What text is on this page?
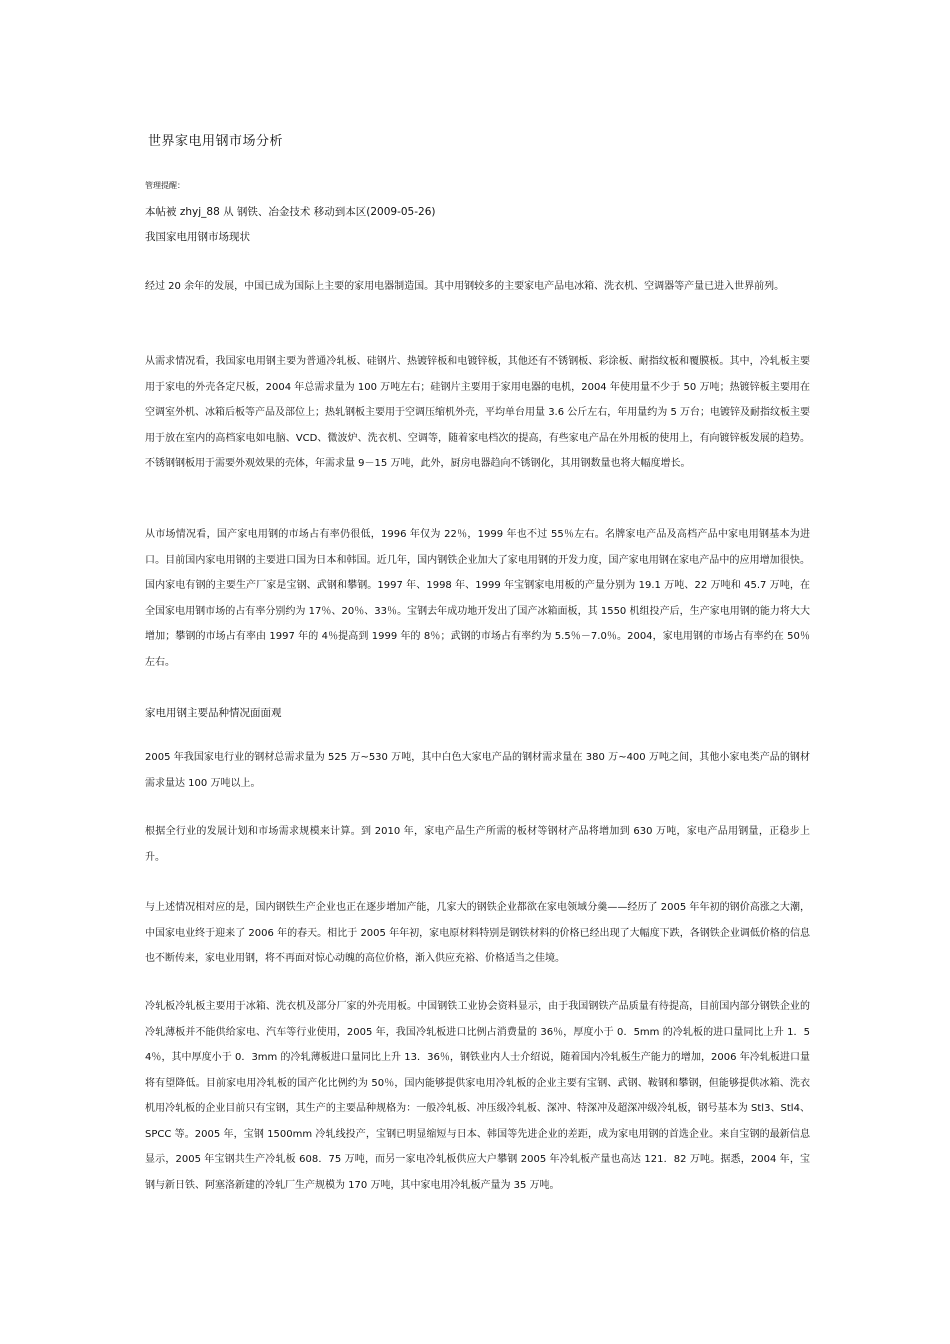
世界家电用钢市场分析
管理提醒：
本帖被 zhyj_88 从 钢铁、冶金技术 移动到本区(2009-05-26)
我国家电用钢市场现状
经过 20 余年的发展，中国已成为国际上主要的家用电器制造国。其中用钢较多的主要家电产品电冰箱、洗衣机、空调器等产量已进入世界前列。
从需求情况看，我国家电用钢主要为普通冷轧板、硅钢片、热镀锌板和电镀锌板，其他还有不锈钢板、彩涂板、耐指纹板和覆膜板。其中，冷轧板主要用于家电的外壳各定尺板，2004 年总需求量为 100 万吨左右；硅钢片主要用于家用电器的电机，2004 年使用量不少于 50 万吨；热镀锌板主要用在空调室外机、冰箱后板等产品及部位上；热轧钢板主要用于空调压缩机外壳，平均单台用量 3.6 公斤左右，年用量约为 5 万台；电镀锌及耐指纹板主要用于放在室内的高档家电如电脑、VCD、微波炉、洗衣机、空调等，随着家电档次的提高，有些家电产品在外用板的使用上，有向镀锌板发展的趋势。不锈钢钢板用于需要外观效果的壳体，年需求量 9－15 万吨，此外，厨房电器趋向不锈钢化，其用钢数量也将大幅度增长。
从市场情况看，国产家电用钢的市场占有率仍很低，1996 年仅为 22％，1999 年也不过 55％左右。名牌家电产品及高档产品中家电用钢基本为进口。目前国内家电用钢的主要进口国为日本和韩国。近几年，国内钢铁企业加大了家电用钢的开发力度，国产家电用钢在家电产品中的应用增加很快。国内家电有钢的主要生产厂家是宝钢、武钢和攀钢。1997 年、1998 年、1999 年宝钢家电用板的产量分别为 19.1 万吨、22 万吨和 45.7 万吨，在全国家电用钢市场的占有率分别约为 17％、20％、33％。宝钢去年成功地开发出了国产冰箱面板，其 1550 机组投产后，生产家电用钢的能力将大大增加；攀钢的市场占有率由 1997 年的 4％提高到 1999 年的 8％；武钢的市场占有率约为 5.5％－7.0％。2004，家电用钢的市场占有率约在 50％左右。
家电用钢主要品种情况面面观
2005 年我国家电行业的钢材总需求量为 525 万~530 万吨，其中白色大家电产品的钢材需求量在 380 万~400 万吨之间，其他小家电类产品的钢材需求量达 100 万吨以上。
根据全行业的发展计划和市场需求规模来计算。到 2010 年，家电产品生产所需的板材等钢材产品将增加到 630 万吨，家电产品用钢量，正稳步上升。
与上述情况相对应的是，国内钢铁生产企业也正在逐步增加产能，几家大的钢铁企业都欲在家电领域分羹——经历了 2005 年年初的钢价高涨之大潮，中国家电业终于迎来了 2006 年的春天。相比于 2005 年年初，家电原材料特别是钢铁材料的价格已经出现了大幅度下跌，各钢铁企业调低价格的信息也不断传来，家电业用钢，将不再面对惊心动魄的高位价格，渐入供应充裕、价格适当之佳境。
冷轧板冷轧板主要用于冰箱、洗衣机及部分厂家的外壳用板。中国钢铁工业协会资料显示，由于我国钢铁产品质量有待提高，目前国内部分钢铁企业的冷轧薄板并不能供给家电、汽车等行业使用，2005 年，我国冷轧板进口比例占消费量的 36％，厚度小于 0．5mm 的冷轧板的进口量同比上升 1．54％，其中厚度小于 0．3mm 的冷轧薄板进口量同比上升 13．36％，钢铁业内人士介绍说，随着国内冷轧板生产能力的增加，2006 年冷轧板进口量将有望降低。目前家电用冷轧板的国产化比例约为 50％，国内能够提供家电用冷轧板的企业主要有宝钢、武钢、鞍钢和攀钢，但能够提供冰箱、洗衣机用冷轧板的企业目前只有宝钢，其生产的主要品种规格为：一般冷轧板、冲压级冷轧板、深冲、特深冲及超深冲级冷轧板，钢号基本为 Stl3、Stl4、SPCC 等。2005 年，宝钢 1500mm 冷轧线投产，宝钢已明显缩短与日本、韩国等先进企业的差距，成为家电用钢的首选企业。来自宝钢的最新信息显示，2005 年宝钢共生产冷轧板 608．75 万吨，而另一家电冷轧板供应大户攀钢 2005 年冷轧板产量也高达 121．82 万吨。据悉，2004 年，宝钢与新日铁、阿塞洛新建的冷轧厂生产规模为 170 万吨，其中家电用冷轧板产量为 35 万吨。
